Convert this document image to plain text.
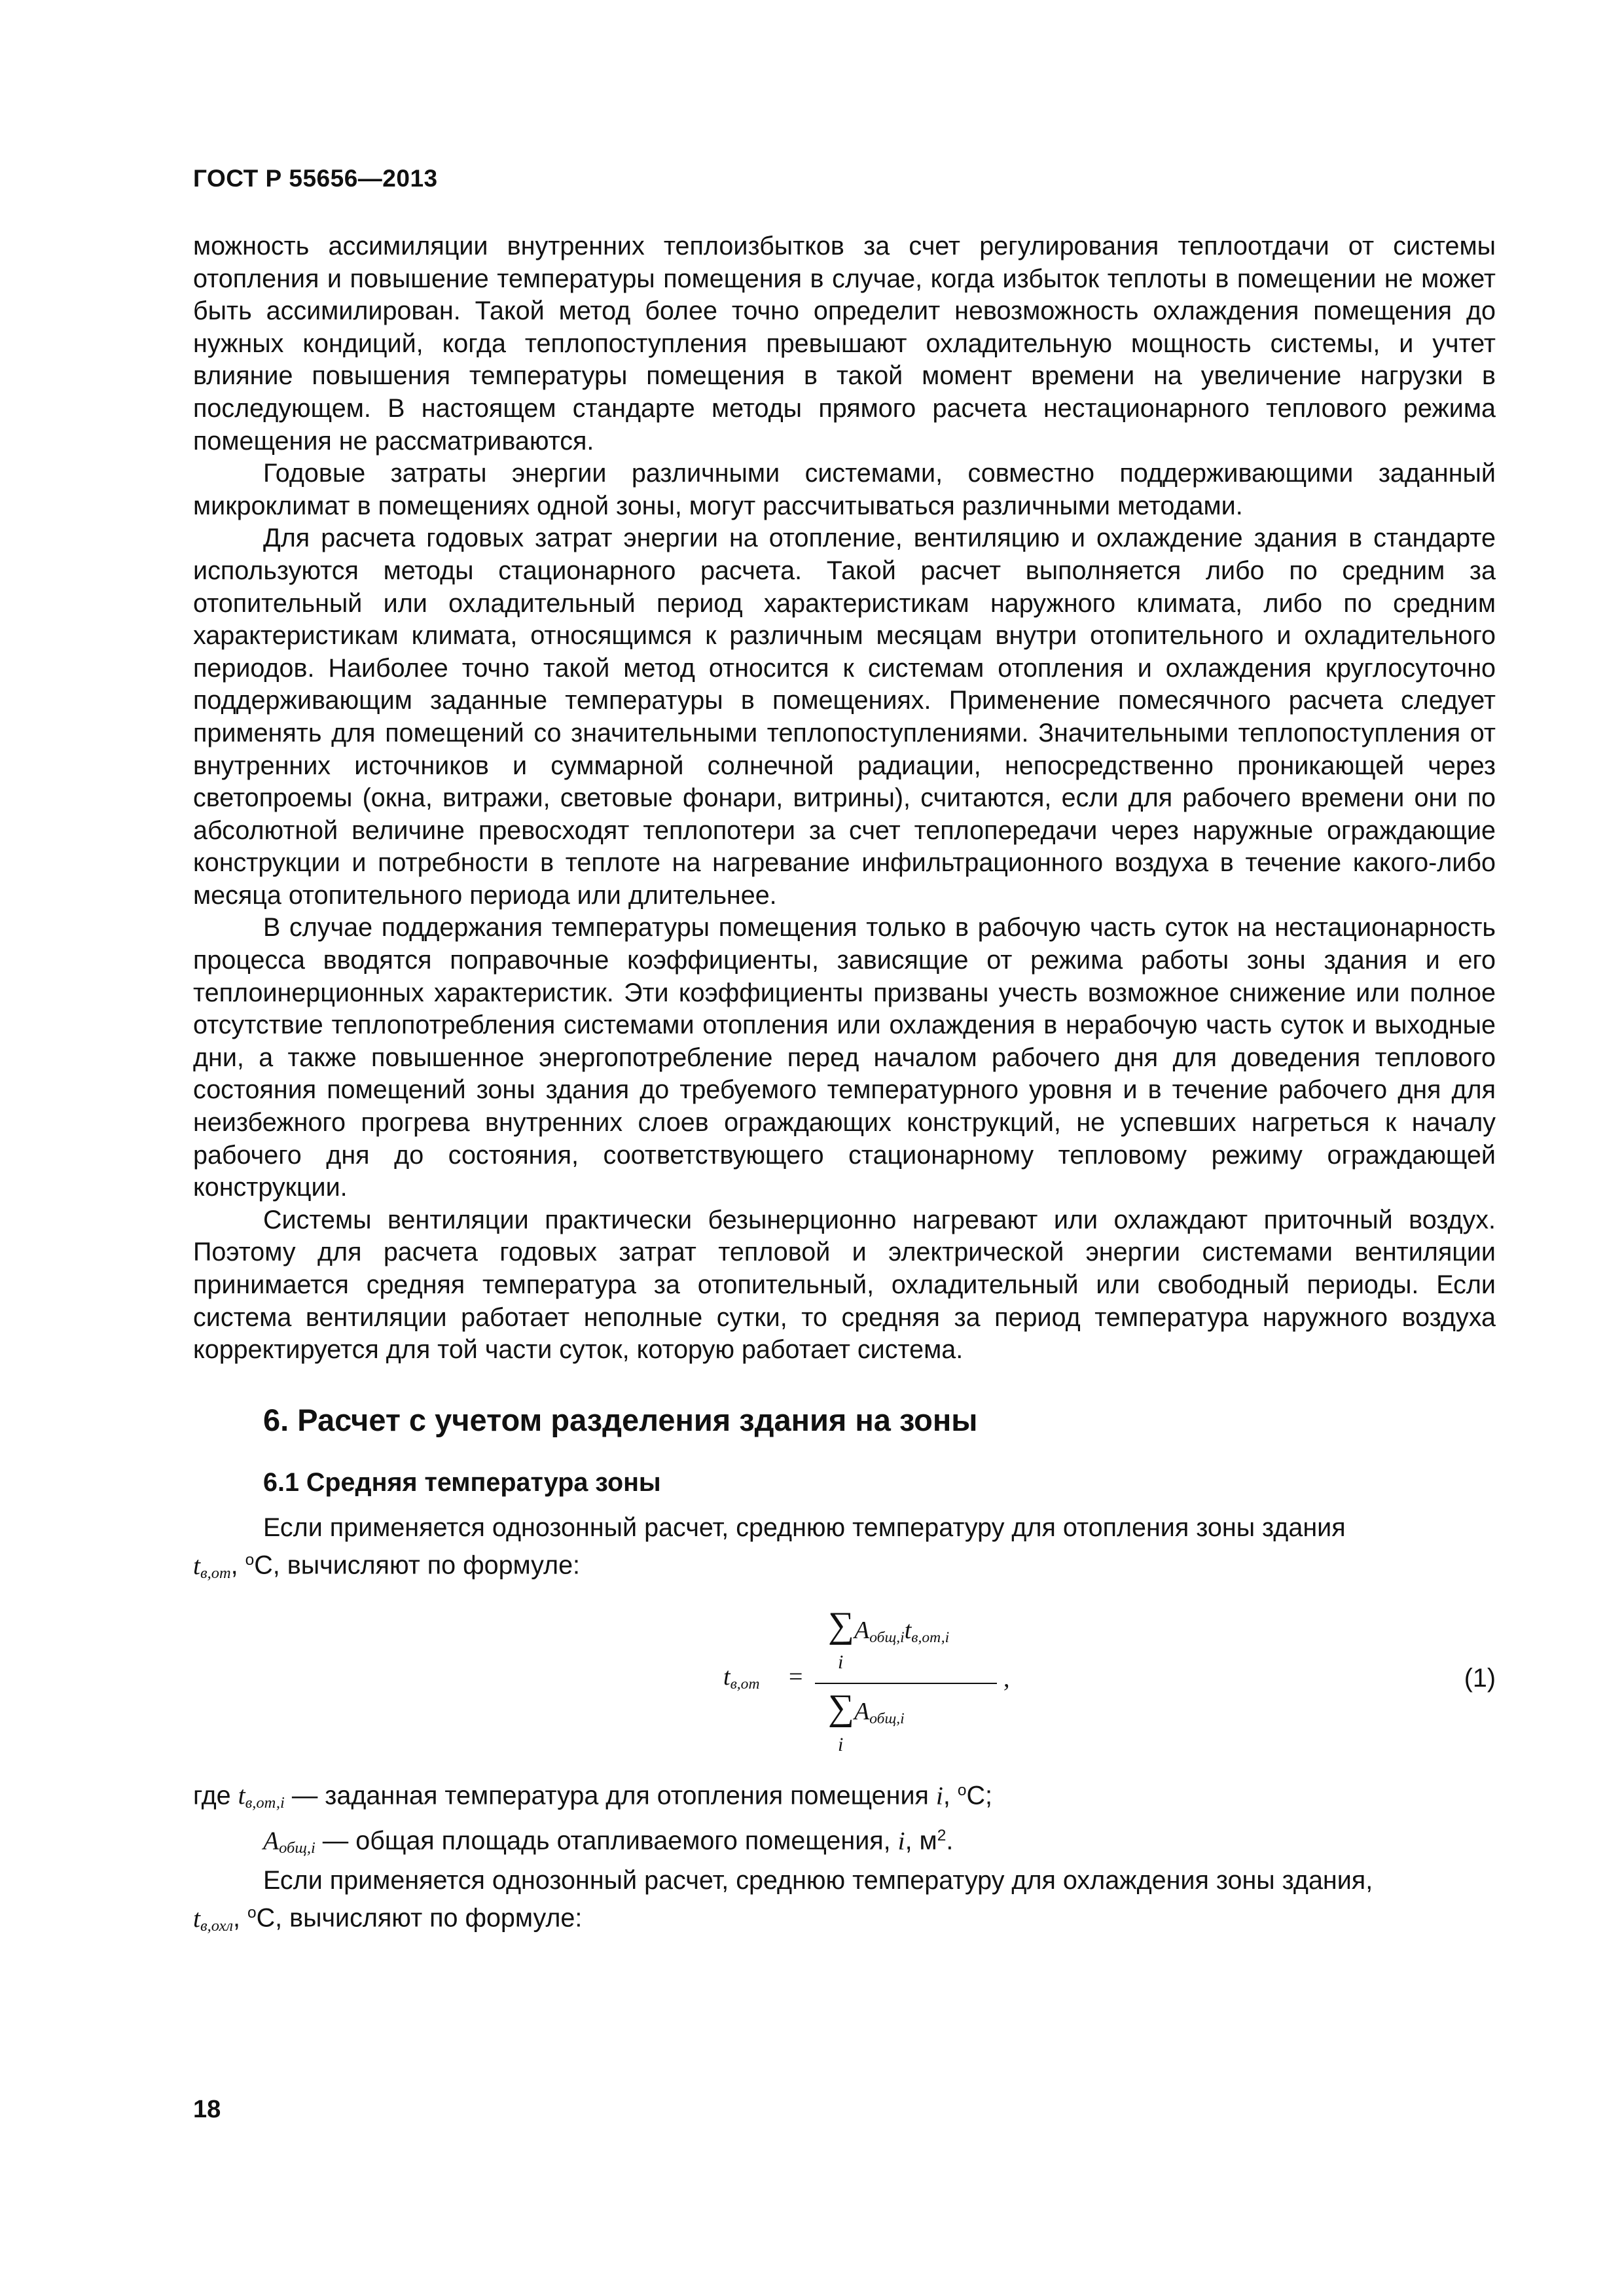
ГОСТ Р 55656—2013

можность ассимиляции внутренних теплоизбытков за счет регулирования теплоотдачи от системы отопления и повышение температуры помещения в случае, когда избыток теплоты в помещении не может быть ассимилирован. Такой метод более точно определит невозможность охлаждения помещения до нужных кондиций, когда теплопоступления превышают охладительную мощность системы, и учтет влияние повышения температуры помещения в такой момент времени на увеличение нагрузки в последующем. В настоящем стандарте методы прямого расчета нестационарного теплового режима помещения не рассматриваются.

Годовые затраты энергии различными системами, совместно поддерживающими заданный микроклимат в помещениях одной зоны, могут рассчитываться различными методами.

Для расчета годовых затрат энергии на отопление, вентиляцию и охлаждение здания в стандарте используются методы стационарного расчета. Такой расчет выполняется либо по средним за отопительный или охладительный период характеристикам наружного климата, либо по средним характеристикам климата, относящимся к различным месяцам внутри отопительного и охладительного периодов. Наиболее точно такой метод относится к системам отопления и охлаждения круглосуточно поддерживающим заданные температуры в помещениях. Применение помесячного расчета следует применять для помещений со значительными теплопоступлениями. Значительными теплопоступления от внутренних источников и суммарной солнечной радиации, непосредственно проникающей через светопроемы (окна, витражи, световые фонари, витрины), считаются, если для рабочего времени они по абсолютной величине превосходят теплопотери за счет теплопередачи через наружные ограждающие конструкции и потребности в теплоте на нагревание инфильтрационного воздуха в течение какого-либо месяца отопительного периода или длительнее.

В случае поддержания температуры помещения только в рабочую часть суток на нестационарность процесса вводятся поправочные коэффициенты, зависящие от режима работы зоны здания и его теплоинерционных характеристик. Эти коэффициенты призваны учесть возможное снижение или полное отсутствие теплопотребления системами отопления или охлаждения в нерабочую часть суток и выходные дни, а также повышенное энергопотребление перед началом рабочего дня для доведения теплового состояния помещений зоны здания до требуемого температурного уровня и в течение рабочего дня для неизбежного прогрева внутренних слоев ограждающих конструкций, не успевших нагреться к началу рабочего дня до состояния, соответствующего стационарному тепловому режиму ограждающей конструкции.

Системы вентиляции практически безынерционно нагревают или охлаждают приточный воздух. Поэтому для расчета годовых затрат тепловой и электрической энергии системами вентиляции принимается средняя температура за отопительный, охладительный или свободный периоды. Если система вентиляции работает неполные сутки, то средняя за период температура наружного воздуха корректируется для той части суток, которую работает система.

6. Расчет с учетом разделения здания на зоны
6.1 Средняя температура зоны

Если применяется однозонный расчет, среднюю температуру для отопления зоны здания
$t_{в,от}$, $^о$С, вычисляют по формуле:

$t_{в,от}$ =
∑
i
$A_{общ,i}t_{в,от,i}$
∑
i
$A_{общ,i}$
,	(1)

где $t_{в,от,i}$ — заданная температура для отопления помещения i, $^о$С;

$A_{общ,i}$ — общая площадь отапливаемого помещения, i, $м^2$.

Если применяется однозонный расчет, среднюю температуру для охлаждения зоны здания,
$t_{в,охл}$, $^о$С, вычисляют по формуле:

18
